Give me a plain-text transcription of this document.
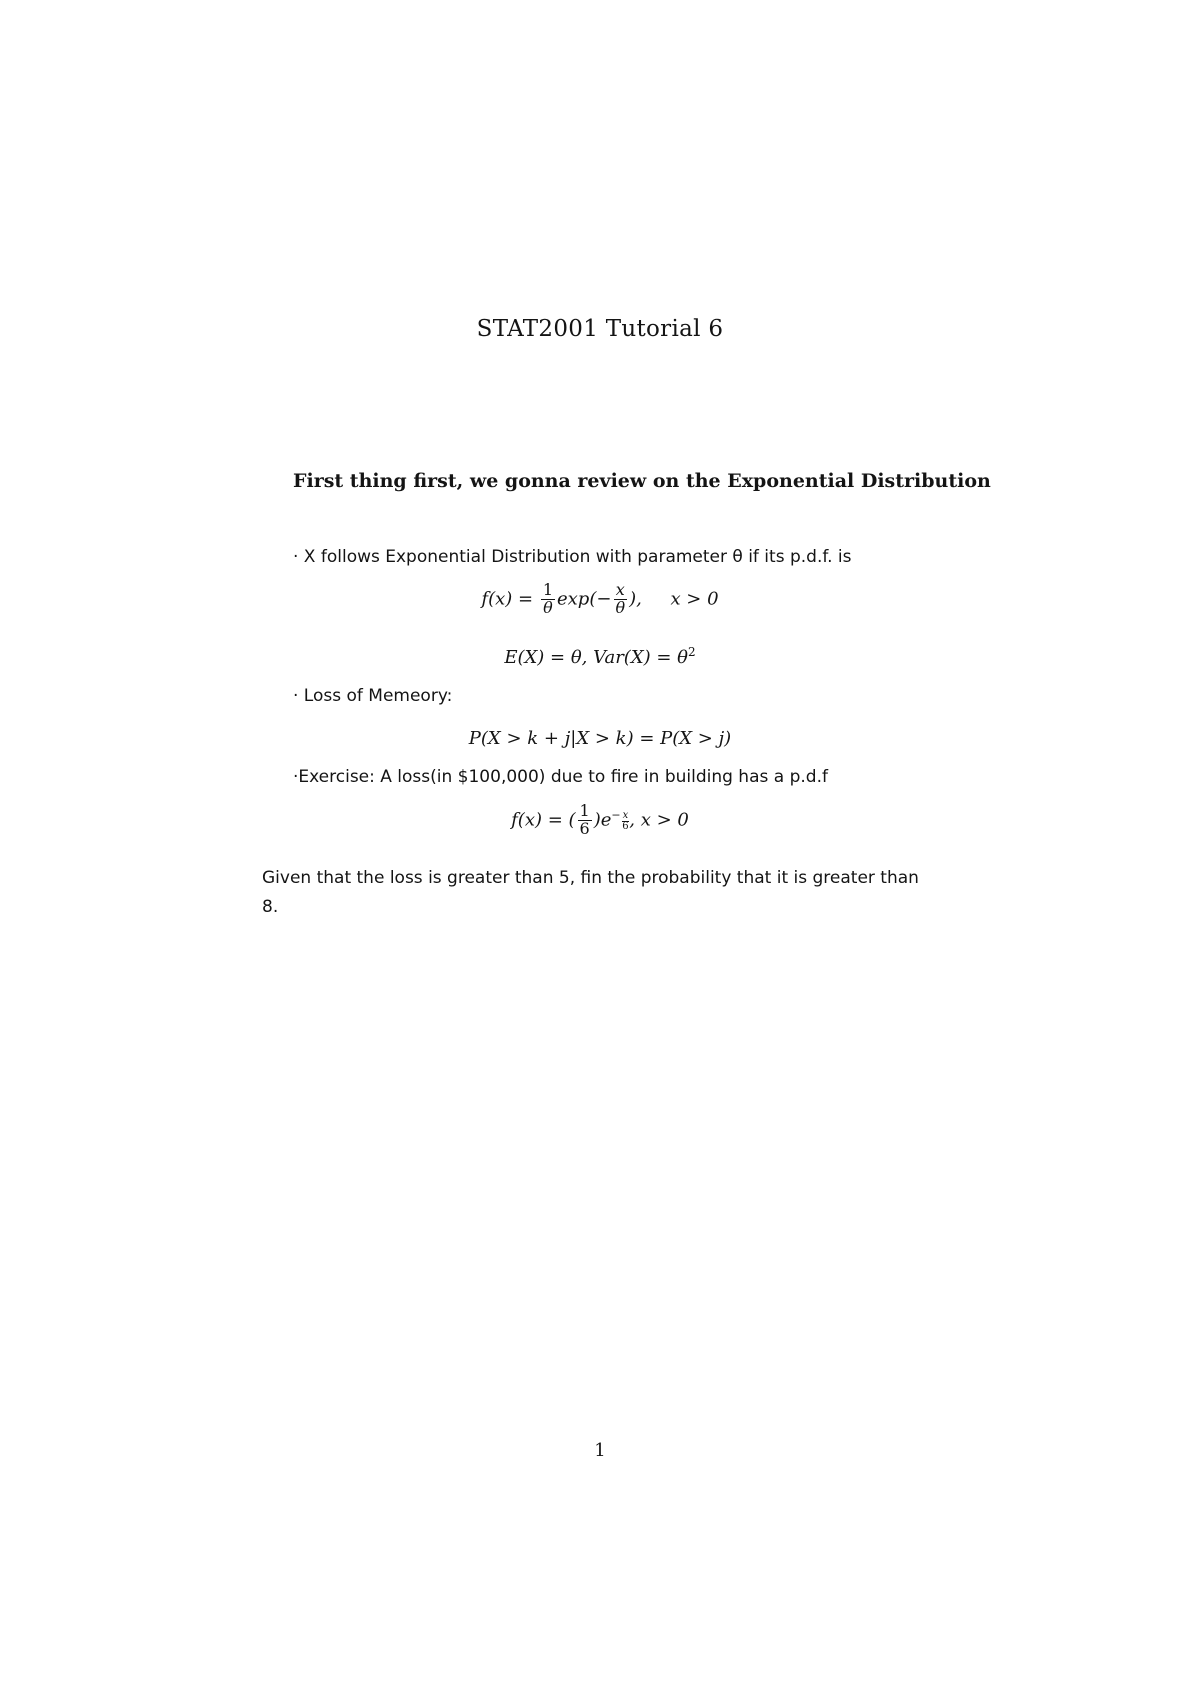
STAT2001 Tutorial 6
First thing first, we gonna review on the Exponential Distribution
· X follows Exponential Distribution with parameter θ if its p.d.f. is
$f(x) = \frac{1}{\theta} \exp(- \frac{x}{\theta}$ ), x > 0
E(X) = θ, $Var(X) = \theta^2$
· Loss of Memeory:
P(X > k + j|X > k) = P(X > j)
·Exercise: A loss(in $100,000) due to fire in building has a p.d.f
f(x) = ( $\frac{1}{6} )e^- \frac{x}{6}$ , x > 0
Given that the loss is greater than 5, fin the probability that it is greater than
8.
1
